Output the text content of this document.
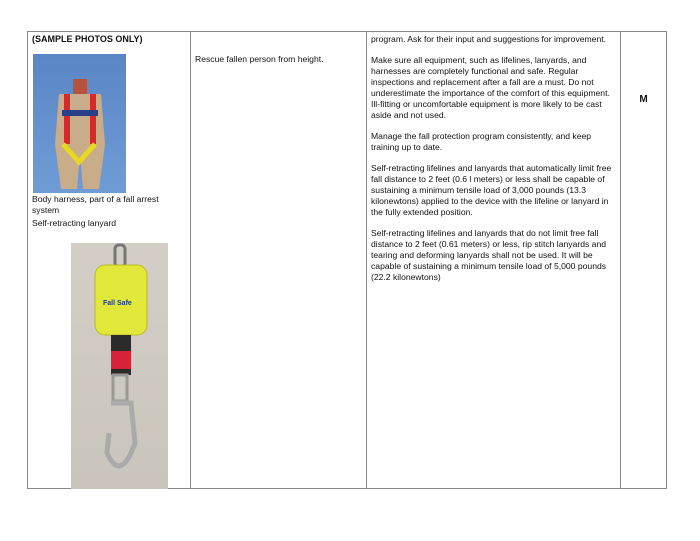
(SAMPLE PHOTOS ONLY)
Body harness, part of a fall arrest system
Self-retracting lanyard
Fall Safe
Rescue fallen person from height.

program. Ask for their input and suggestions for improvement.

Make sure all equipment, such as lifelines, lanyards, and harnesses are completely functional and safe. Regular inspections and replacement after a fall are a must. Do not underestimate the importance of the comfort of this equipment. Ill-fitting or uncomfortable equipment is more likely to be cast aside and not used.

Manage the fall protection program consistently, and keep training up to date.

Self-retracting lifelines and lanyards that automatically limit free fall distance to 2 feet (0.6 l meters) or less shall be capable of sustaining a minimum tensile load of 3,000 pounds (13.3 kilonewtons) applied to the device with the lifeline or lanyard in the fully extended position.

Self-retracting lifelines and lanyards that do not limit free fall distance to 2 feet (0.61 meters) or less, rip stitch lanyards and tearing and deforming lanyards shall not be used. It will be capable of sustaining a minimum tensile load of 5,000 pounds (22.2 kilonewtons)

M
